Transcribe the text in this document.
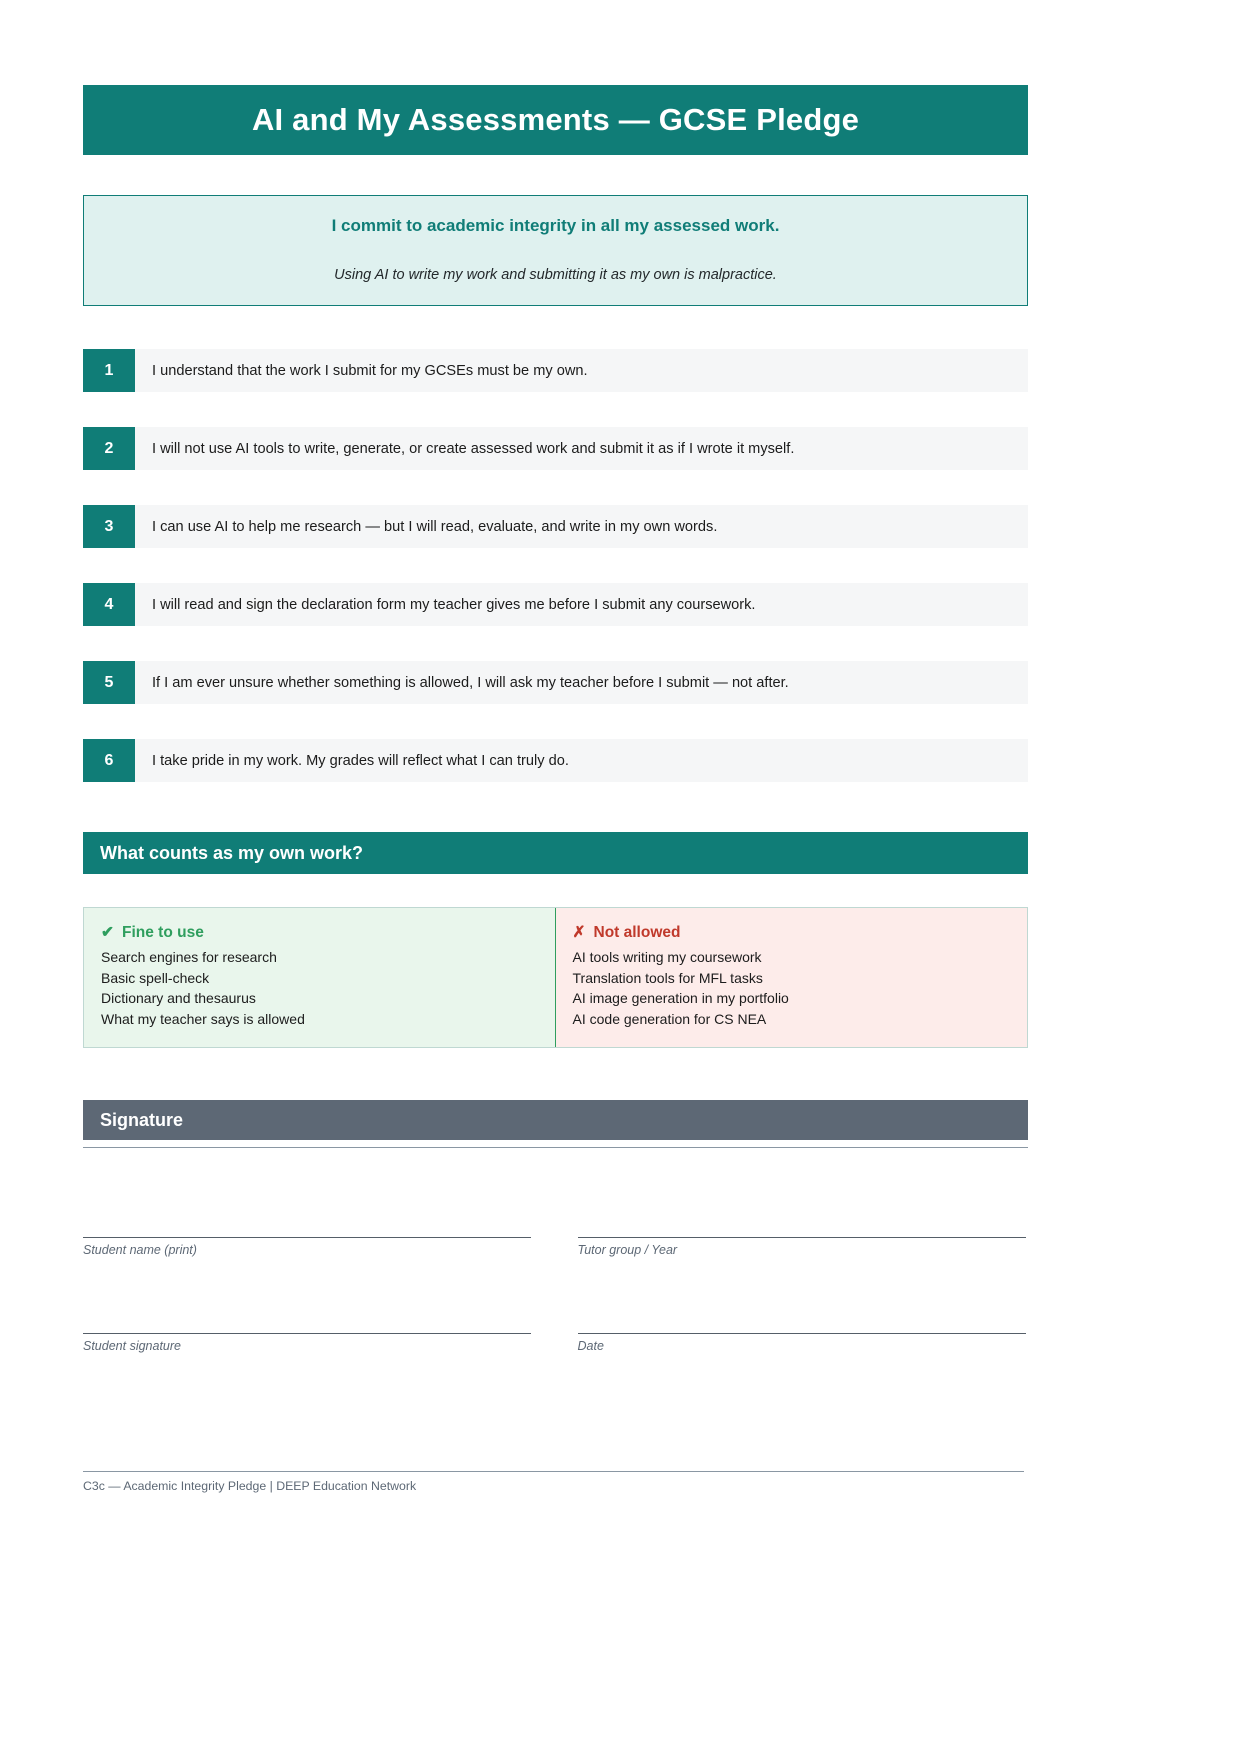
AI and My Assessments — GCSE Pledge

I commit to academic integrity in all my assessed work.

Using AI to write my work and submitting it as my own is malpractice.

1	I understand that the work I submit for my GCSEs must be my own.
2	I will not use AI tools to write, generate, or create assessed work and submit it as if I wrote it myself.
3	I can use AI to help me research — but I will read, evaluate, and write in my own words.
4	I will read and sign the declaration form my teacher gives me before I submit any coursework.
5	If I am ever unsure whether something is allowed, I will ask my teacher before I submit — not after.
6	I take pride in my work. My grades will reflect what I can truly do.
What counts as my own work?

✔ Fine to use

Search engines for research
Basic spell-check
Dictionary and thesaurus
What my teacher says is allowed

✗ Not allowed

AI tools writing my coursework
Translation tools for MFL tasks
AI image generation in my portfolio
AI code generation for CS NEA
Signature
Student name (print)	Tutor group / Year
Student signature	Date
C3c — Academic Integrity Pledge | DEEP Education Network
